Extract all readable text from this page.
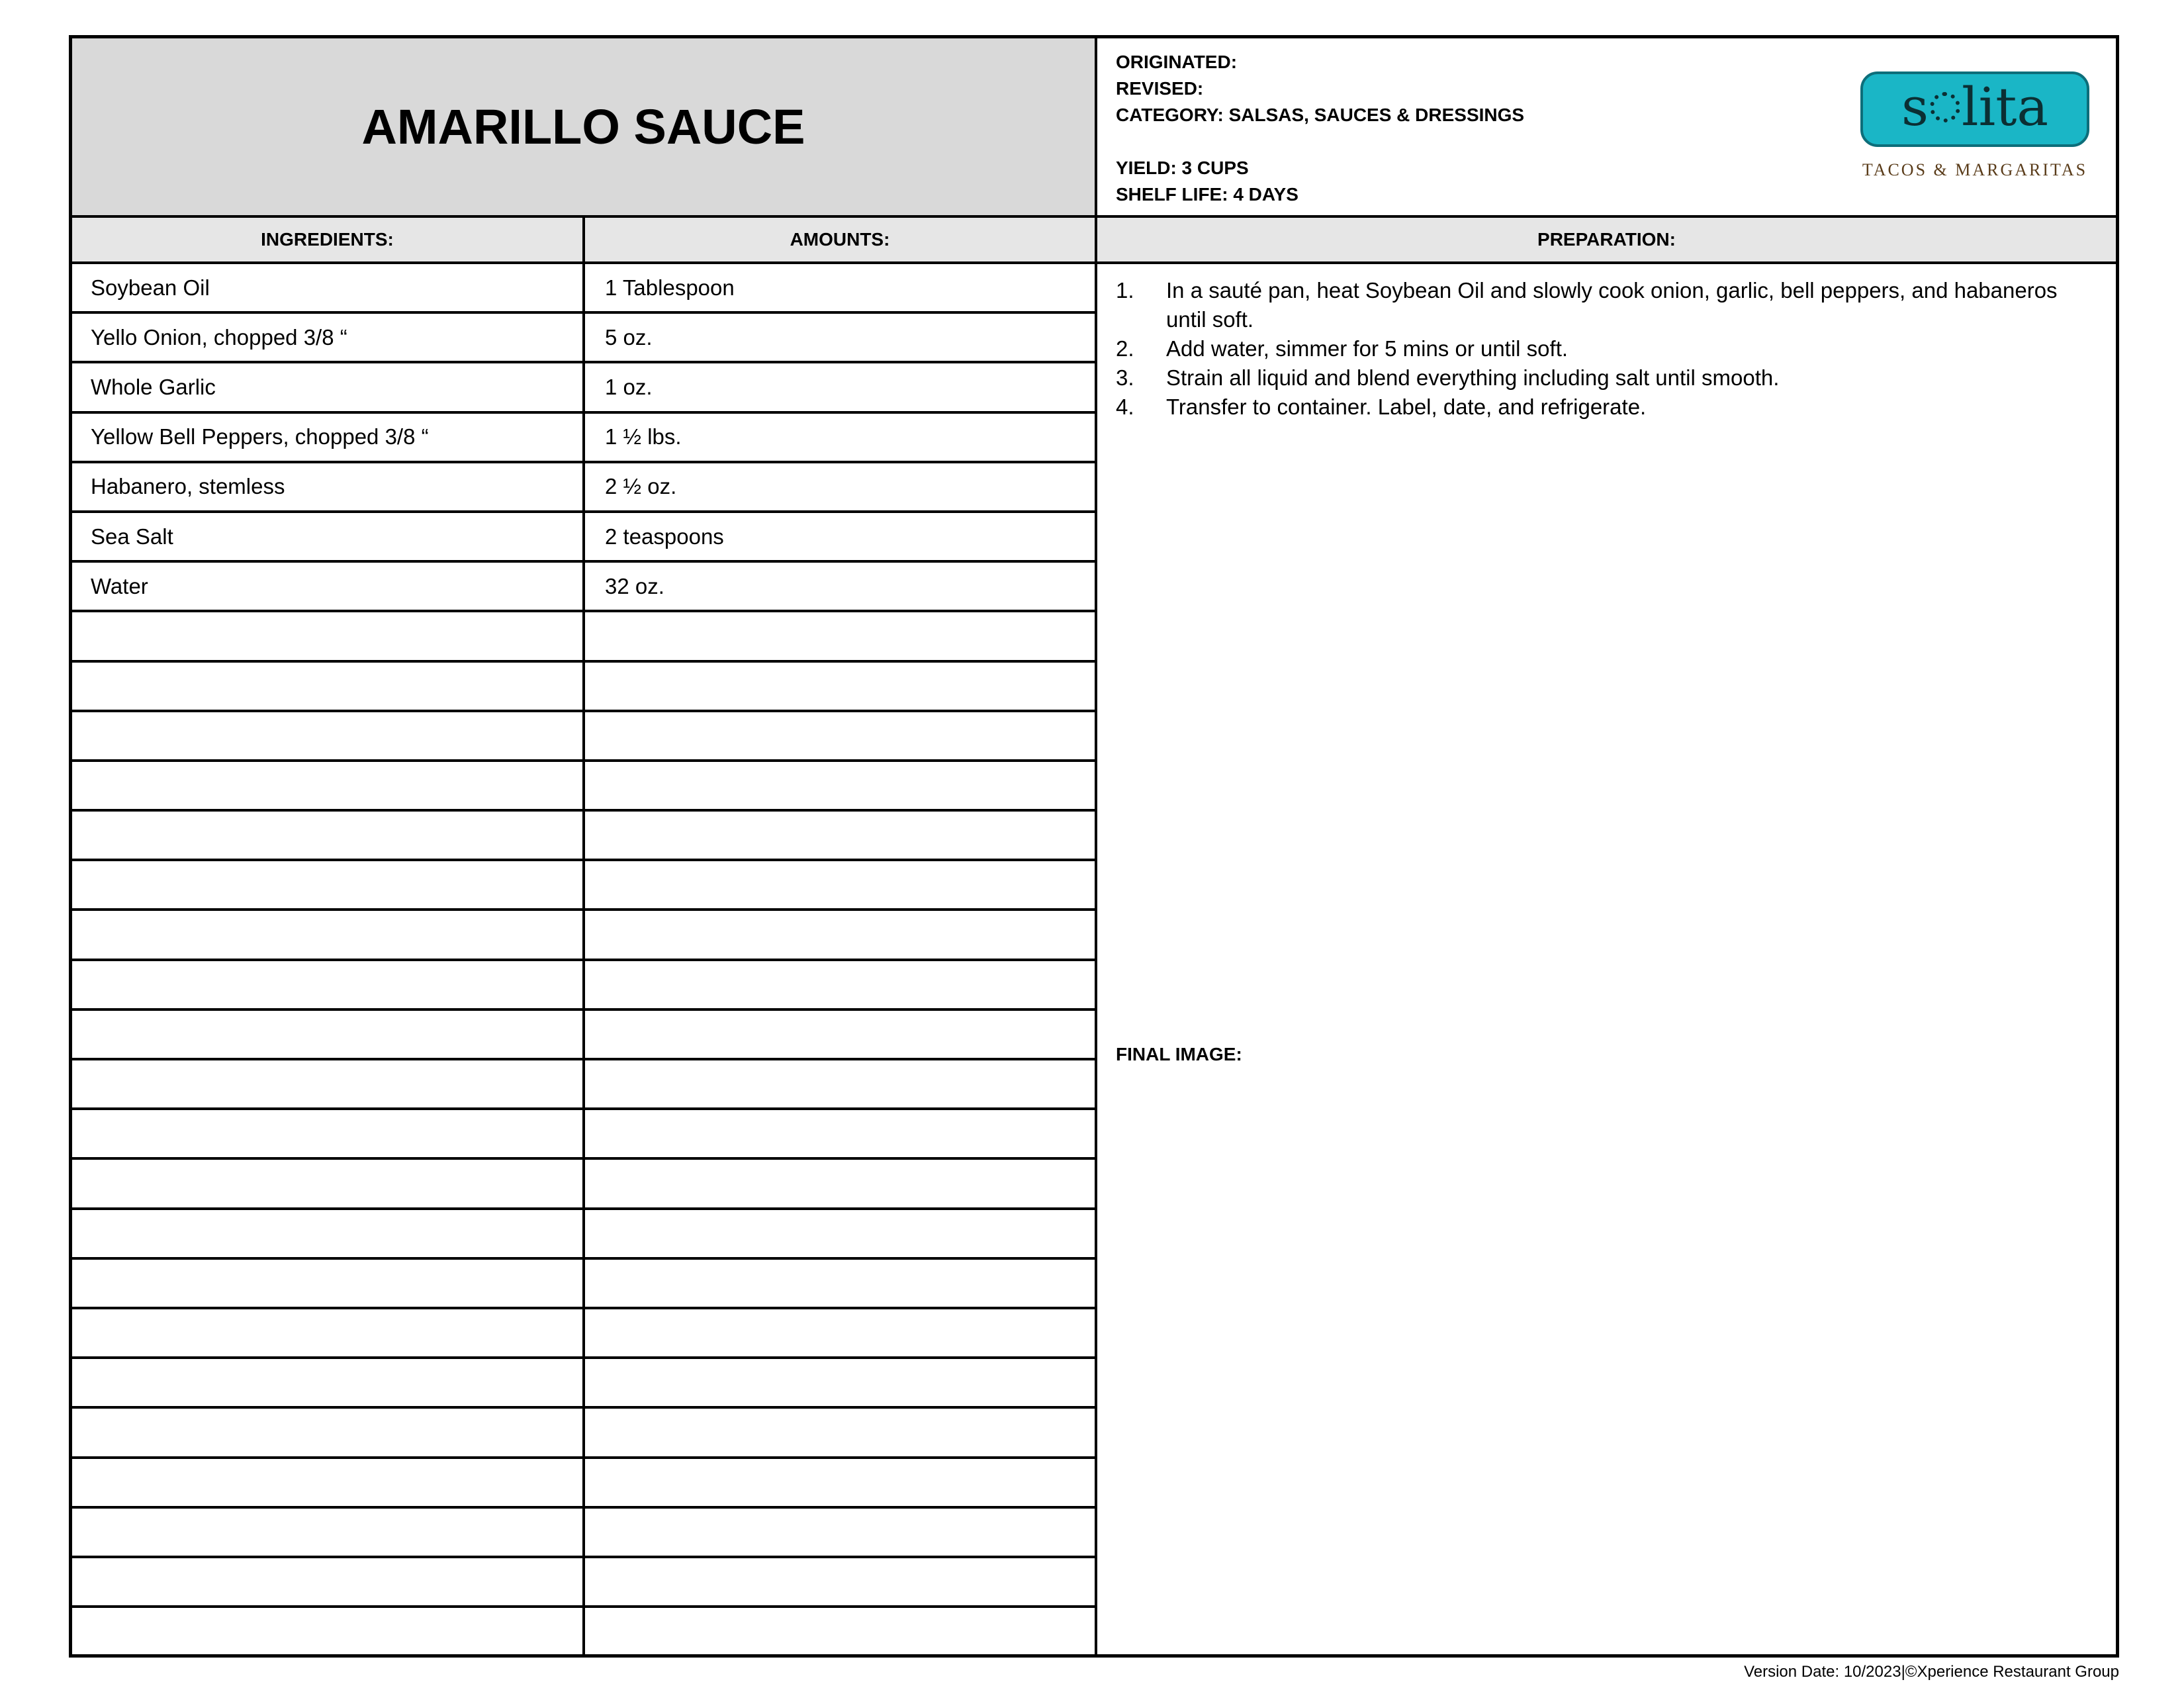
AMARILLO SAUCE
ORIGINATED:
REVISED:
CATEGORY: SALSAS, SAUCES & DRESSINGS
YIELD: 3 CUPS
SHELF LIFE: 4 DAYS
s lita
TACOS & MARGARITAS
INGREDIENTS:	AMOUNTS:	PREPARATION:
Soybean Oil	1 Tablespoon
Yello Onion, chopped 3/8 “	5 oz.
Whole Garlic	1 oz.
Yellow Bell Peppers, chopped 3/8 “	1 ½ lbs.
Habanero, stemless	2 ½ oz.
Sea Salt	2 teaspoons
Water	32 oz.
1.	In a sauté pan, heat Soybean Oil and slowly cook onion, garlic, bell peppers, and habaneros until soft.
2.	Add water, simmer for 5 mins or until soft.
3.	Strain all liquid and blend everything including salt until smooth.
4.	Transfer to container. Label, date, and refrigerate.
FINAL IMAGE:
Version Date: 10/2023|©Xperience Restaurant Group
